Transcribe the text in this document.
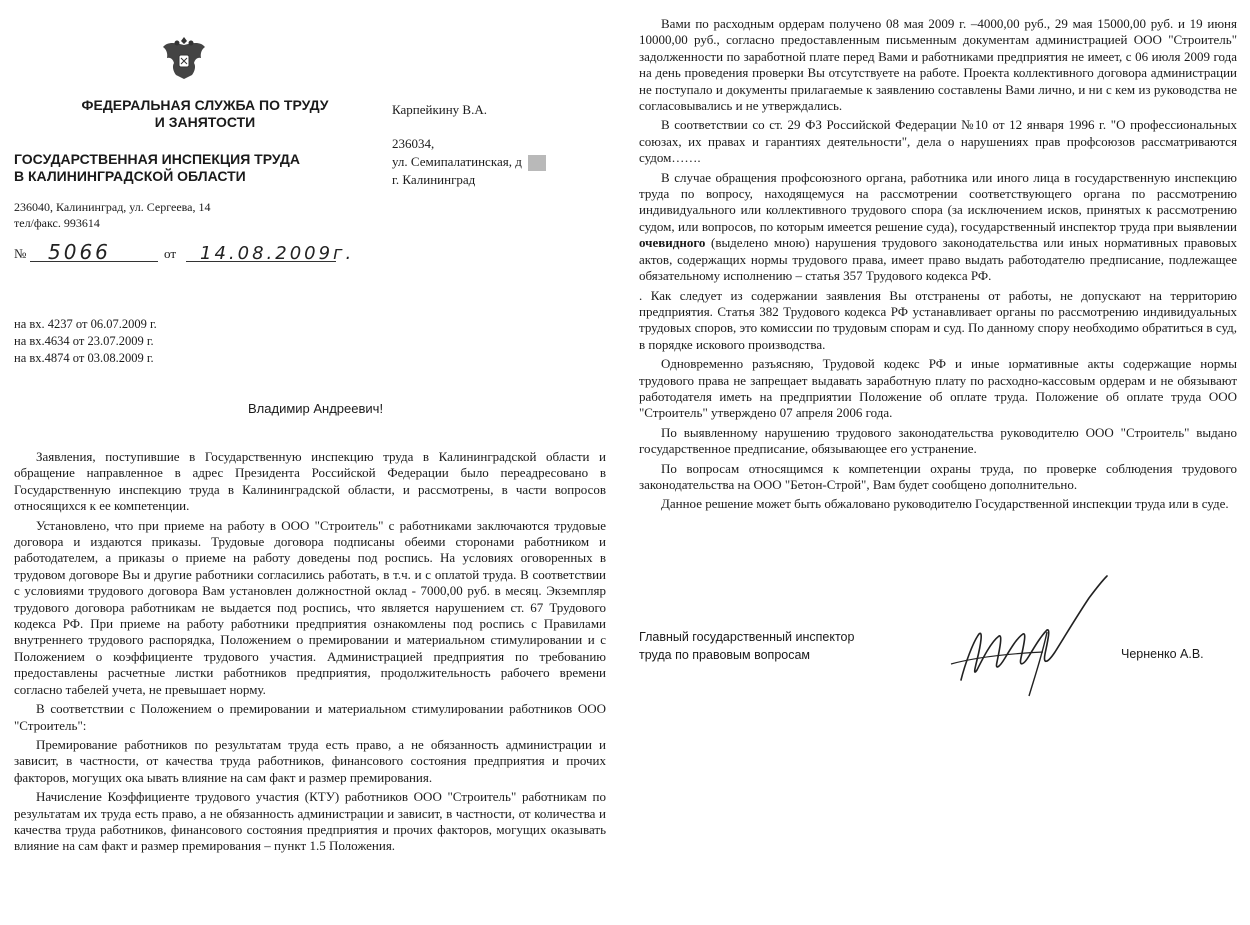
ФЕДЕРАЛЬНАЯ СЛУЖБА ПО ТРУДУ
И ЗАНЯТОСТИ
ГОСУДАРСТВЕННАЯ ИНСПЕКЦИЯ ТРУДА
В КАЛИНИНГРАДСКОЙ ОБЛАСТИ
236040, Калининград, ул. Сергеева, 14
тел/факс. 993614
№ 5066	от 14.08.2009г.
Карпейкину В.А.
236034,
ул. Семипалатинская, д
г. Калининград
на вх. 4237 от 06.07.2009 г.
на вх.4634 от 23.07.2009 г.
на вх.4874 от 03.08.2009 г.
Владимир Андреевич!

Заявления, поступившие в Государственную инспекцию труда в Калининградской области и обращение направленное в адрес Президента Российской Федерации было переадресовано в Государственную инспекцию труда в Калининградской области, и рассмотрены, в части вопросов относящихся к ее компетенции.

Установлено, что при приеме на работу в ООО "Строитель" с работниками заключаются трудовые договора и издаются приказы. Трудовые договора подписаны обеими сторонами работником и работодателем, а приказы о приеме на работу доведены под роспись. На условиях оговоренных в трудовом договоре Вы и другие работники согласились работать, в т.ч. и с оплатой труда. В соответствии с условиями трудового договора Вам установлен должностной оклад - 7000,00 руб. в месяц. Экземпляр трудового договора работникам не выдается под роспись, что является нарушением ст. 67 Трудового кодекса РФ. При приеме на работу работники предприятия ознакомлены под роспись с Правилами внутреннего трудового распорядка, Положением о премировании и материальном стимулировании и с Положением о коэффициенте трудового участия. Администрацией предприятия по требованию предоставлены расчетные листки работников предприятия, продолжительность рабочего времени согласно табелей учета, не превышает норму.

В соответствии с Положением о премировании и материальном стимулировании работников ООО "Строитель":

Премирование работников по результатам труда есть право, а не обязанность администрации и зависит, в частности, от качества труда работников, финансового состояния предприятия и прочих факторов, могущих ока ывать влияние на сам факт и размер премирования.

Начисление Коэффициенте трудового участия (КТУ) работников ООО "Строитель" работникам по результатам их труда есть право, а не обязанность администрации и зависит, в частности, от количества и качества труда работников, финансового состояния предприятия и прочих факторов, могущих оказывать влияние на сам факт и размер премирования – пункт 1.5 Положения.

Вами по расходным ордерам получено 08 мая 2009 г. –4000,00 руб., 29 мая 15000,00 руб. и 19 июня 10000,00 руб., согласно предоставленным письменным документам администрацией ООО "Строитель" задолженности по заработной плате перед Вами и работниками предприятия не имеет, с 06 июля 2009 года на день проведения проверки Вы отсутствуете на работе. Проекта коллективного договора администрации не поступало и документы прилагаемые к заявлению составлены Вами лично, и ни с кем из руководства не согласовывались и не утверждались.

В соответствии со ст. 29 ФЗ Российской Федерации №10 от 12 января 1996 г. "О профессиональных союзах, их правах и гарантиях деятельности", дела о нарушениях прав профсоюзов рассматриваются судом…….

В случае обращения профсоюзного органа, работника или иного лица в государственную инспекцию труда по вопросу, находящемуся на рассмотрении соответствующего органа по рассмотрению индивидуального или коллективного трудового спора (за исключением исков, принятых к рассмотрению судом, или вопросов, по которым имеется решение суда), государственный инспектор труда при выявлении очевидного (выделено мною) нарушения трудового законодательства или иных нормативных правовых актов, содержащих нормы трудового права, имеет право выдать работодателю предписание, подлежащее обязательному исполнению – статья 357 Трудового кодекса РФ.

. Как следует из содержании заявления Вы отстранены от работы, не допускают на территорию предприятия. Статья 382 Трудового кодекса РФ устанавливает органы по рассмотрению индивидуальных трудовых споров, это комиссии по трудовым спорам и суд. По данному спору необходимо обратиться в суд, в порядке искового производства.

Одновременно разъясняю, Трудовой кодекс РФ и иные ıормативные акты содержащие нормы трудового права не запрещает выдавать заработную плату по расходно-кассовым ордерам и не обязывают работодателя иметь на предприятии Положение об оплате труда. Положение об оплате труда ООО "Строитель" утверждено 07 апреля 2006 года.

По выявленному нарушению трудового законодательства руководителю ООО "Строитель" выдано государственное предписание, обязывающее его устранение.

По вопросам относящимся к компетенции охраны труда, по проверке соблюдения трудового законодательства на ООО "Бетон-Строй", Вам будет сообщено дополнительно.

Данное решение может быть обжаловано руководителю Государственной инспекции труда или в суде.

Главный государственный инспектор
труда по правовым вопросам	Черненко А.В.
